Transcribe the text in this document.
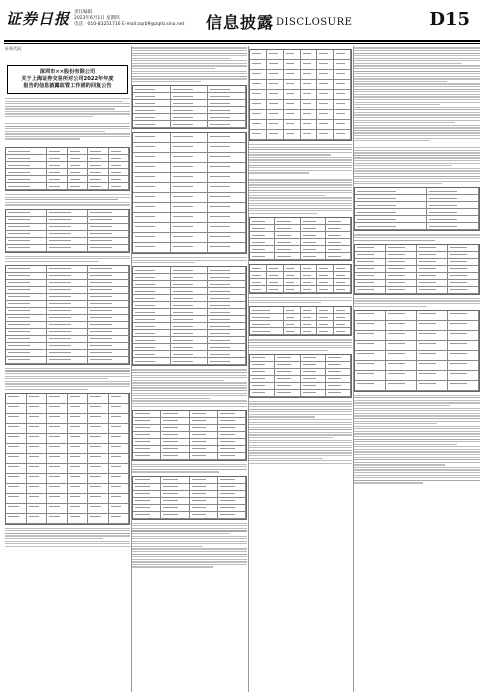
证券日报 责任编辑：
2023年6月1日 星期四
电话：010-83251716 E-mail:zqrb9@zqrb.sina.net 信息披露 DISCLOSURE	D15
证券代码：
深圳市××股份有限公司
关于上海证券交易所对公司2022年年度
报告的信息披露监管工作函的回复公告
